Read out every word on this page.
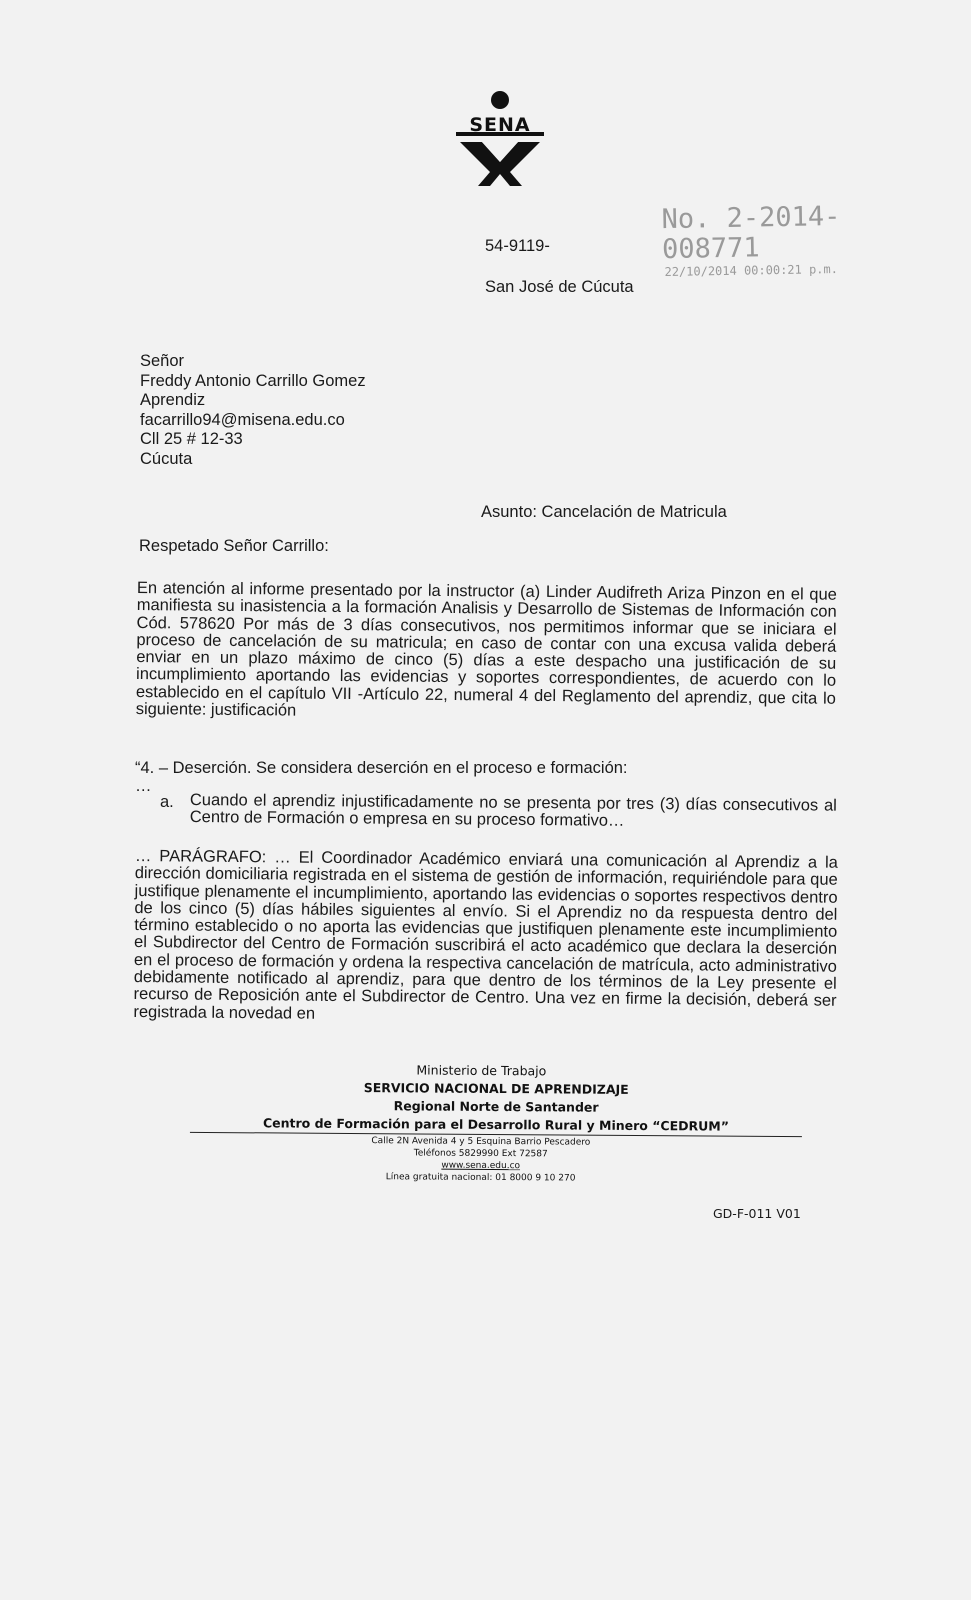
SENA
No. 2-2014-008771
22/10/2014 00:00:21 p.m.
54-9119-
San José de Cúcuta
Señor
Freddy Antonio Carrillo Gomez
Aprendiz
facarrillo94@misena.edu.co
Cll 25 # 12-33
Cúcuta
Asunto: Cancelación de Matricula
Respetado Señor Carrillo:
En atención al informe presentado por la instructor (a) Linder Audifreth Ariza Pinzon en el que manifiesta su inasistencia a la formación Analisis y Desarrollo de Sistemas de Información con Cód. 578620 Por más de 3 días consecutivos, nos permitimos informar que se iniciara el proceso de cancelación de su matricula; en caso de contar con una excusa valida deberá enviar en un plazo máximo de cinco (5) días a este despacho una justificación de su incumplimiento aportando las evidencias y soportes correspondientes, de acuerdo con lo establecido en el capítulo VII -Artículo 22, numeral 4 del Reglamento del aprendiz, que cita lo siguiente: justificación
“4. – Deserción. Se considera deserción en el proceso e formación:
…
a. Cuando el aprendiz injustificadamente no se presenta por tres (3) días consecutivos al Centro de Formación o empresa en su proceso formativo…
… PARÁGRAFO: … El Coordinador Académico enviará una comunicación al Aprendiz a la dirección domiciliaria registrada en el sistema de gestión de información, requiriéndole para que justifique plenamente el incumplimiento, aportando las evidencias o soportes respectivos dentro de los cinco (5) días hábiles siguientes al envío. Si el Aprendiz no da respuesta dentro del término establecido o no aporta las evidencias que justifiquen plenamente este incumplimiento el Subdirector del Centro de Formación suscribirá el acto académico que declara la deserción en el proceso de formación y ordena la respectiva cancelación de matrícula, acto administrativo debidamente notificado al aprendiz, para que dentro de los términos de la Ley presente el recurso de Reposición ante el Subdirector de Centro. Una vez en firme la decisión, deberá ser registrada la novedad en
Ministerio de Trabajo
SERVICIO NACIONAL DE APRENDIZAJE
Regional Norte de Santander
Centro de Formación para el Desarrollo Rural y Minero “CEDRUM”
Calle 2N Avenida 4 y 5 Esquina Barrio Pescadero
Teléfonos 5829990 Ext 72587
www.sena.edu.co
Línea gratuita nacional: 01 8000 9 10 270
GD-F-011 V01
